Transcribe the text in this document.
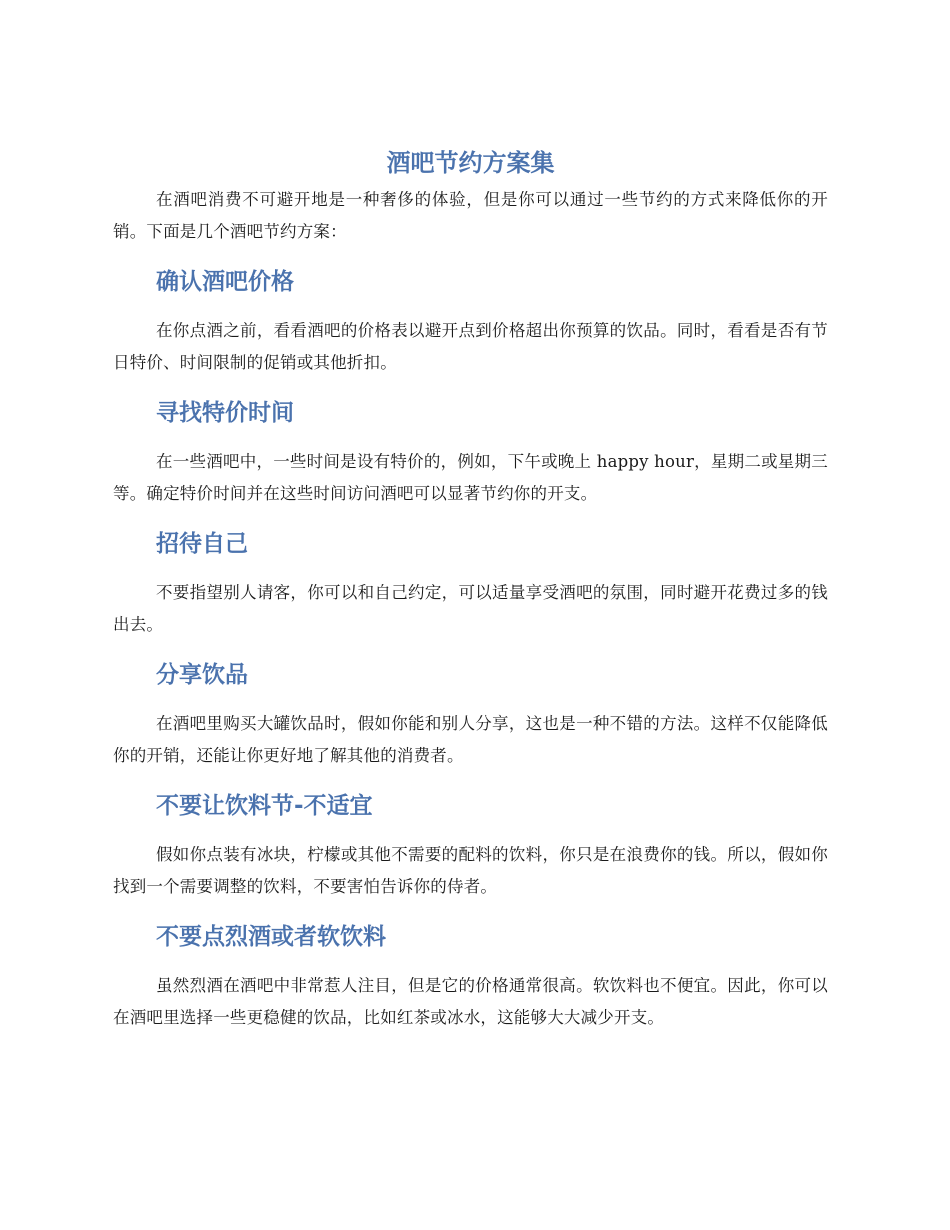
酒吧节约方案集

在酒吧消费不可避开地是一种奢侈的体验，但是你可以通过一些节约的方式来降低你的开销。下面是几个酒吧节约方案：

确认酒吧价格

在你点酒之前，看看酒吧的价格表以避开点到价格超出你预算的饮品。同时，看看是否有节日特价、时间限制的促销或其他折扣。

寻找特价时间

在一些酒吧中，一些时间是设有特价的，例如，下午或晚上 happy hour，星期二或星期三等。确定特价时间并在这些时间访问酒吧可以显著节约你的开支。

招待自己

不要指望别人请客，你可以和自己约定，可以适量享受酒吧的氛围，同时避开花费过多的钱出去。

分享饮品

在酒吧里购买大罐饮品时，假如你能和别人分享，这也是一种不错的方法。这样不仅能降低你的开销，还能让你更好地了解其他的消费者。

不要让饮料节-不适宜

假如你点装有冰块，柠檬或其他不需要的配料的饮料，你只是在浪费你的钱。所以，假如你找到一个需要调整的饮料，不要害怕告诉你的侍者。

不要点烈酒或者软饮料

虽然烈酒在酒吧中非常惹人注目，但是它的价格通常很高。软饮料也不便宜。因此，你可以在酒吧里选择一些更稳健的饮品，比如红茶或冰水，这能够大大减少开支。
